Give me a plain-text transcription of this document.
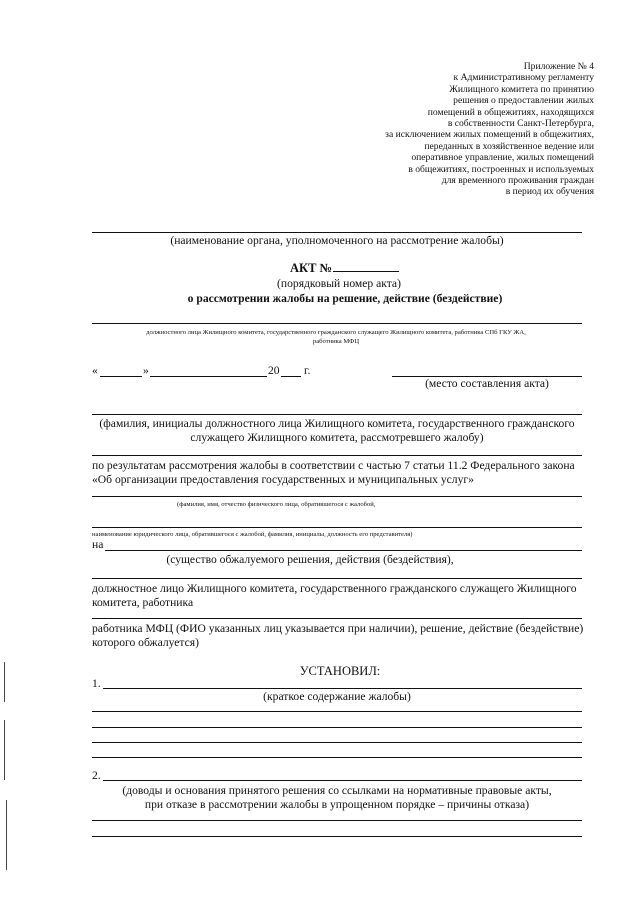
Приложение № 4
к Административному регламенту
Жилищного комитета по принятию
решения о предоставлении жилых
помещений в общежитиях, находящихся
в собственности Санкт-Петербурга,
за исключением жилых помещений в общежитиях,
переданных в хозяйственное ведение или
оперативное управление, жилых помещений
в общежитиях, построенных и используемых
для временного проживания граждан
в период их обучения
(наименование органа, уполномоченного на рассмотрение жалобы)
АКТ №
(порядковый номер акта)
о рассмотрении жалобы на решение, действие (бездействие)
должностного лица Жилищного комитета, государственного гражданского служащего Жилищного комитета, работника СПб ГКУ ЖА,
работника МФЦ
«	»	20 г.
(место составления акта)
(фамилия, инициалы должностного лица Жилищного комитета, государственного гражданского служащего Жилищного комитета, рассмотревшего жалобу)
по результатам рассмотрения жалобы в соответствии с частью 7 статьи 11.2 Федерального закона «Об организации предоставления государственных и муниципальных услуг»
(фамилия, имя, отчество физического лица, обратившегося с жалобой,
наименование юридического лица, обратившегося с жалобой, фамилия, инициалы, должность его представителя)
на
(существо обжалуемого решения, действия (бездействия),
должностное лицо Жилищного комитета, государственного гражданского служащего Жилищного комитета, работника
работника МФЦ (ФИО указанных лиц указывается при наличии), решение, действие (бездействие) которого обжалуется)
УСТАНОВИЛ:
1.
(краткое содержание жалобы)
2.
(доводы и основания принятого решения со ссылками на нормативные правовые акты,
при отказе в рассмотрении жалобы в упрощенном порядке – причины отказа)
